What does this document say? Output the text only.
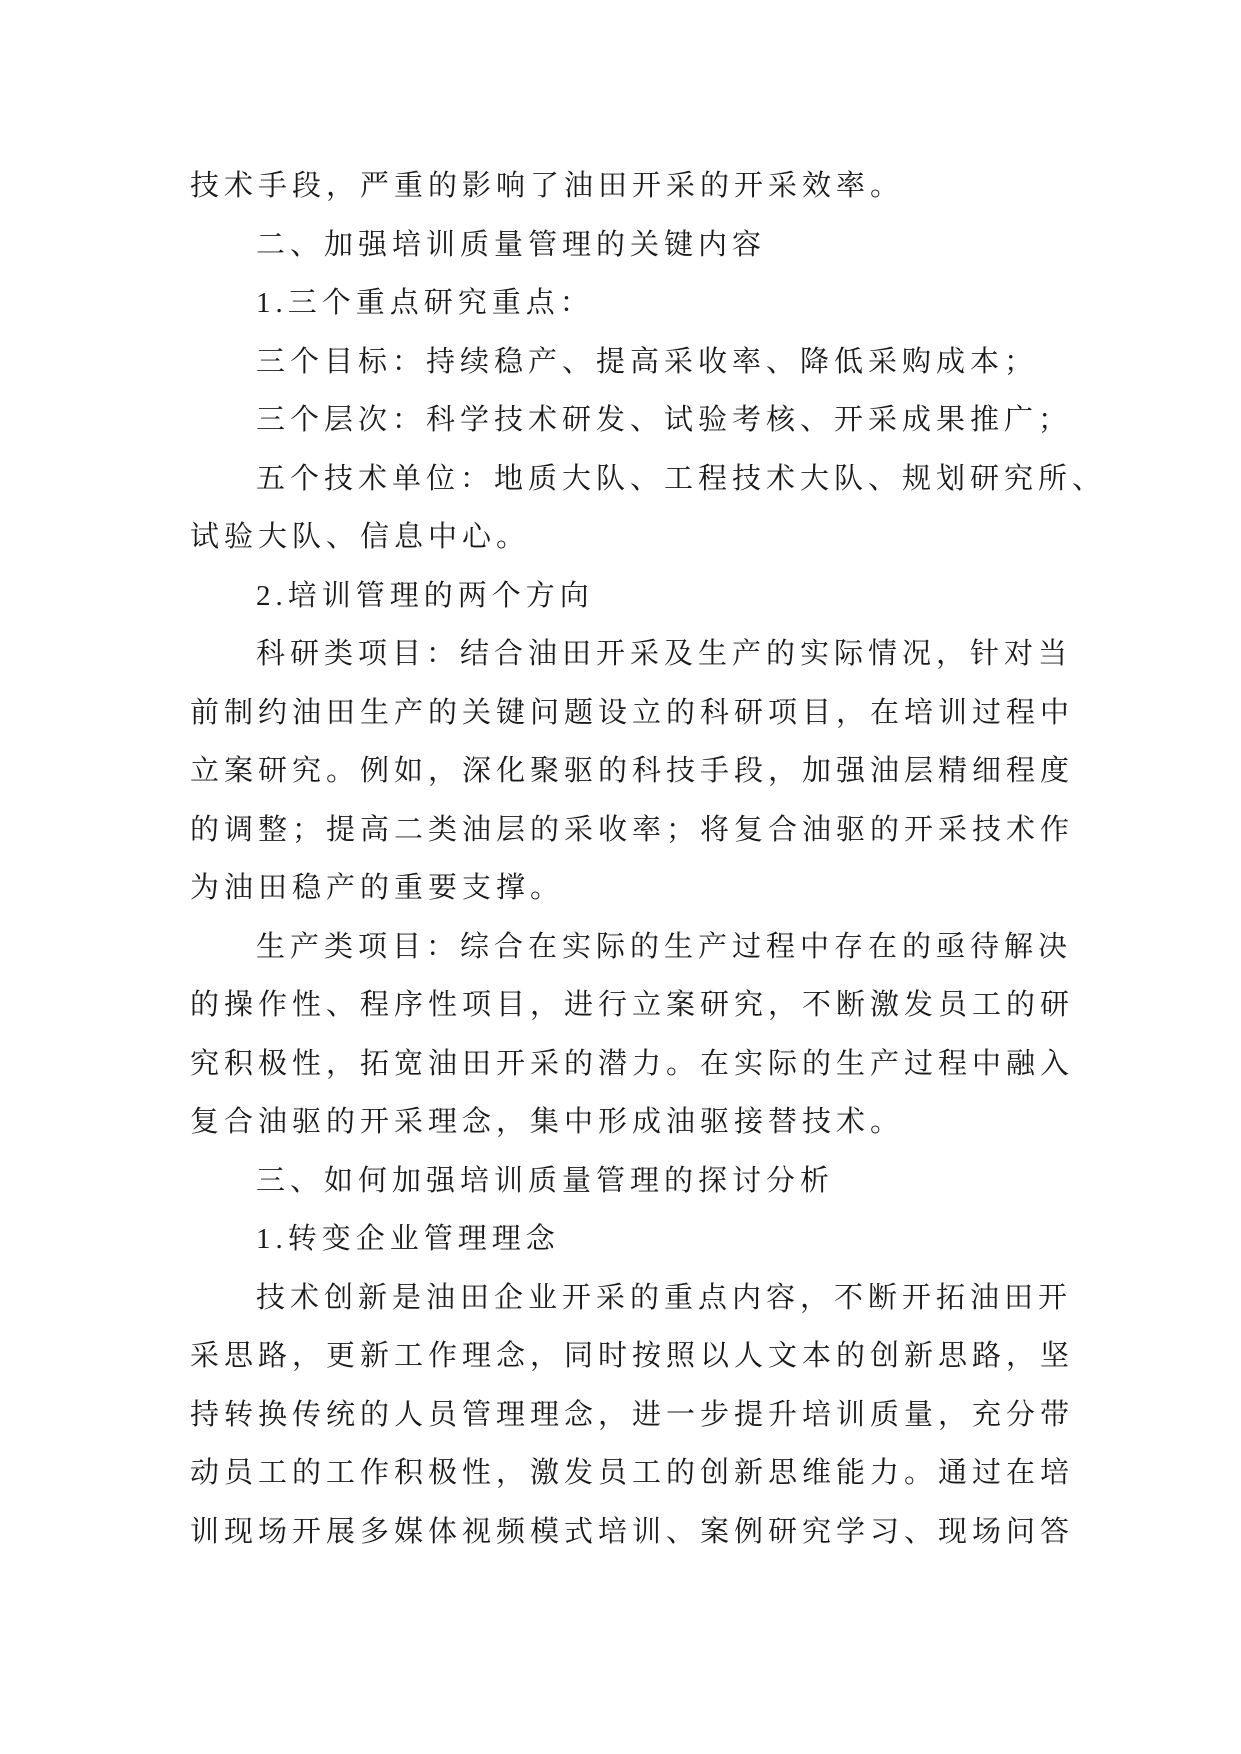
技术手段，严重的影响了油田开采的开采效率。
二、加强培训质量管理的关键内容
1.三个重点研究重点：
三个目标：持续稳产、提高采收率、降低采购成本；
三个层次：科学技术研发、试验考核、开采成果推广；
五个技术单位：地质大队、工程技术大队、规划研究所、
试验大队、信息中心。
2.培训管理的两个方向
科研类项目：结合油田开采及生产的实际情况，针对当
前制约油田生产的关键问题设立的科研项目，在培训过程中
立案研究。例如，深化聚驱的科技手段，加强油层精细程度
的调整；提高二类油层的采收率；将复合油驱的开采技术作
为油田稳产的重要支撑。
生产类项目：综合在实际的生产过程中存在的亟待解决
的操作性、程序性项目，进行立案研究，不断激发员工的研
究积极性，拓宽油田开采的潜力。在实际的生产过程中融入
复合油驱的开采理念，集中形成油驱接替技术。
三、如何加强培训质量管理的探讨分析
1.转变企业管理理念
技术创新是油田企业开采的重点内容，不断开拓油田开
采思路，更新工作理念，同时按照以人文本的创新思路，坚
持转换传统的人员管理理念，进一步提升培训质量，充分带
动员工的工作积极性，激发员工的创新思维能力。通过在培
训现场开展多媒体视频模式培训、案例研究学习、现场问答
